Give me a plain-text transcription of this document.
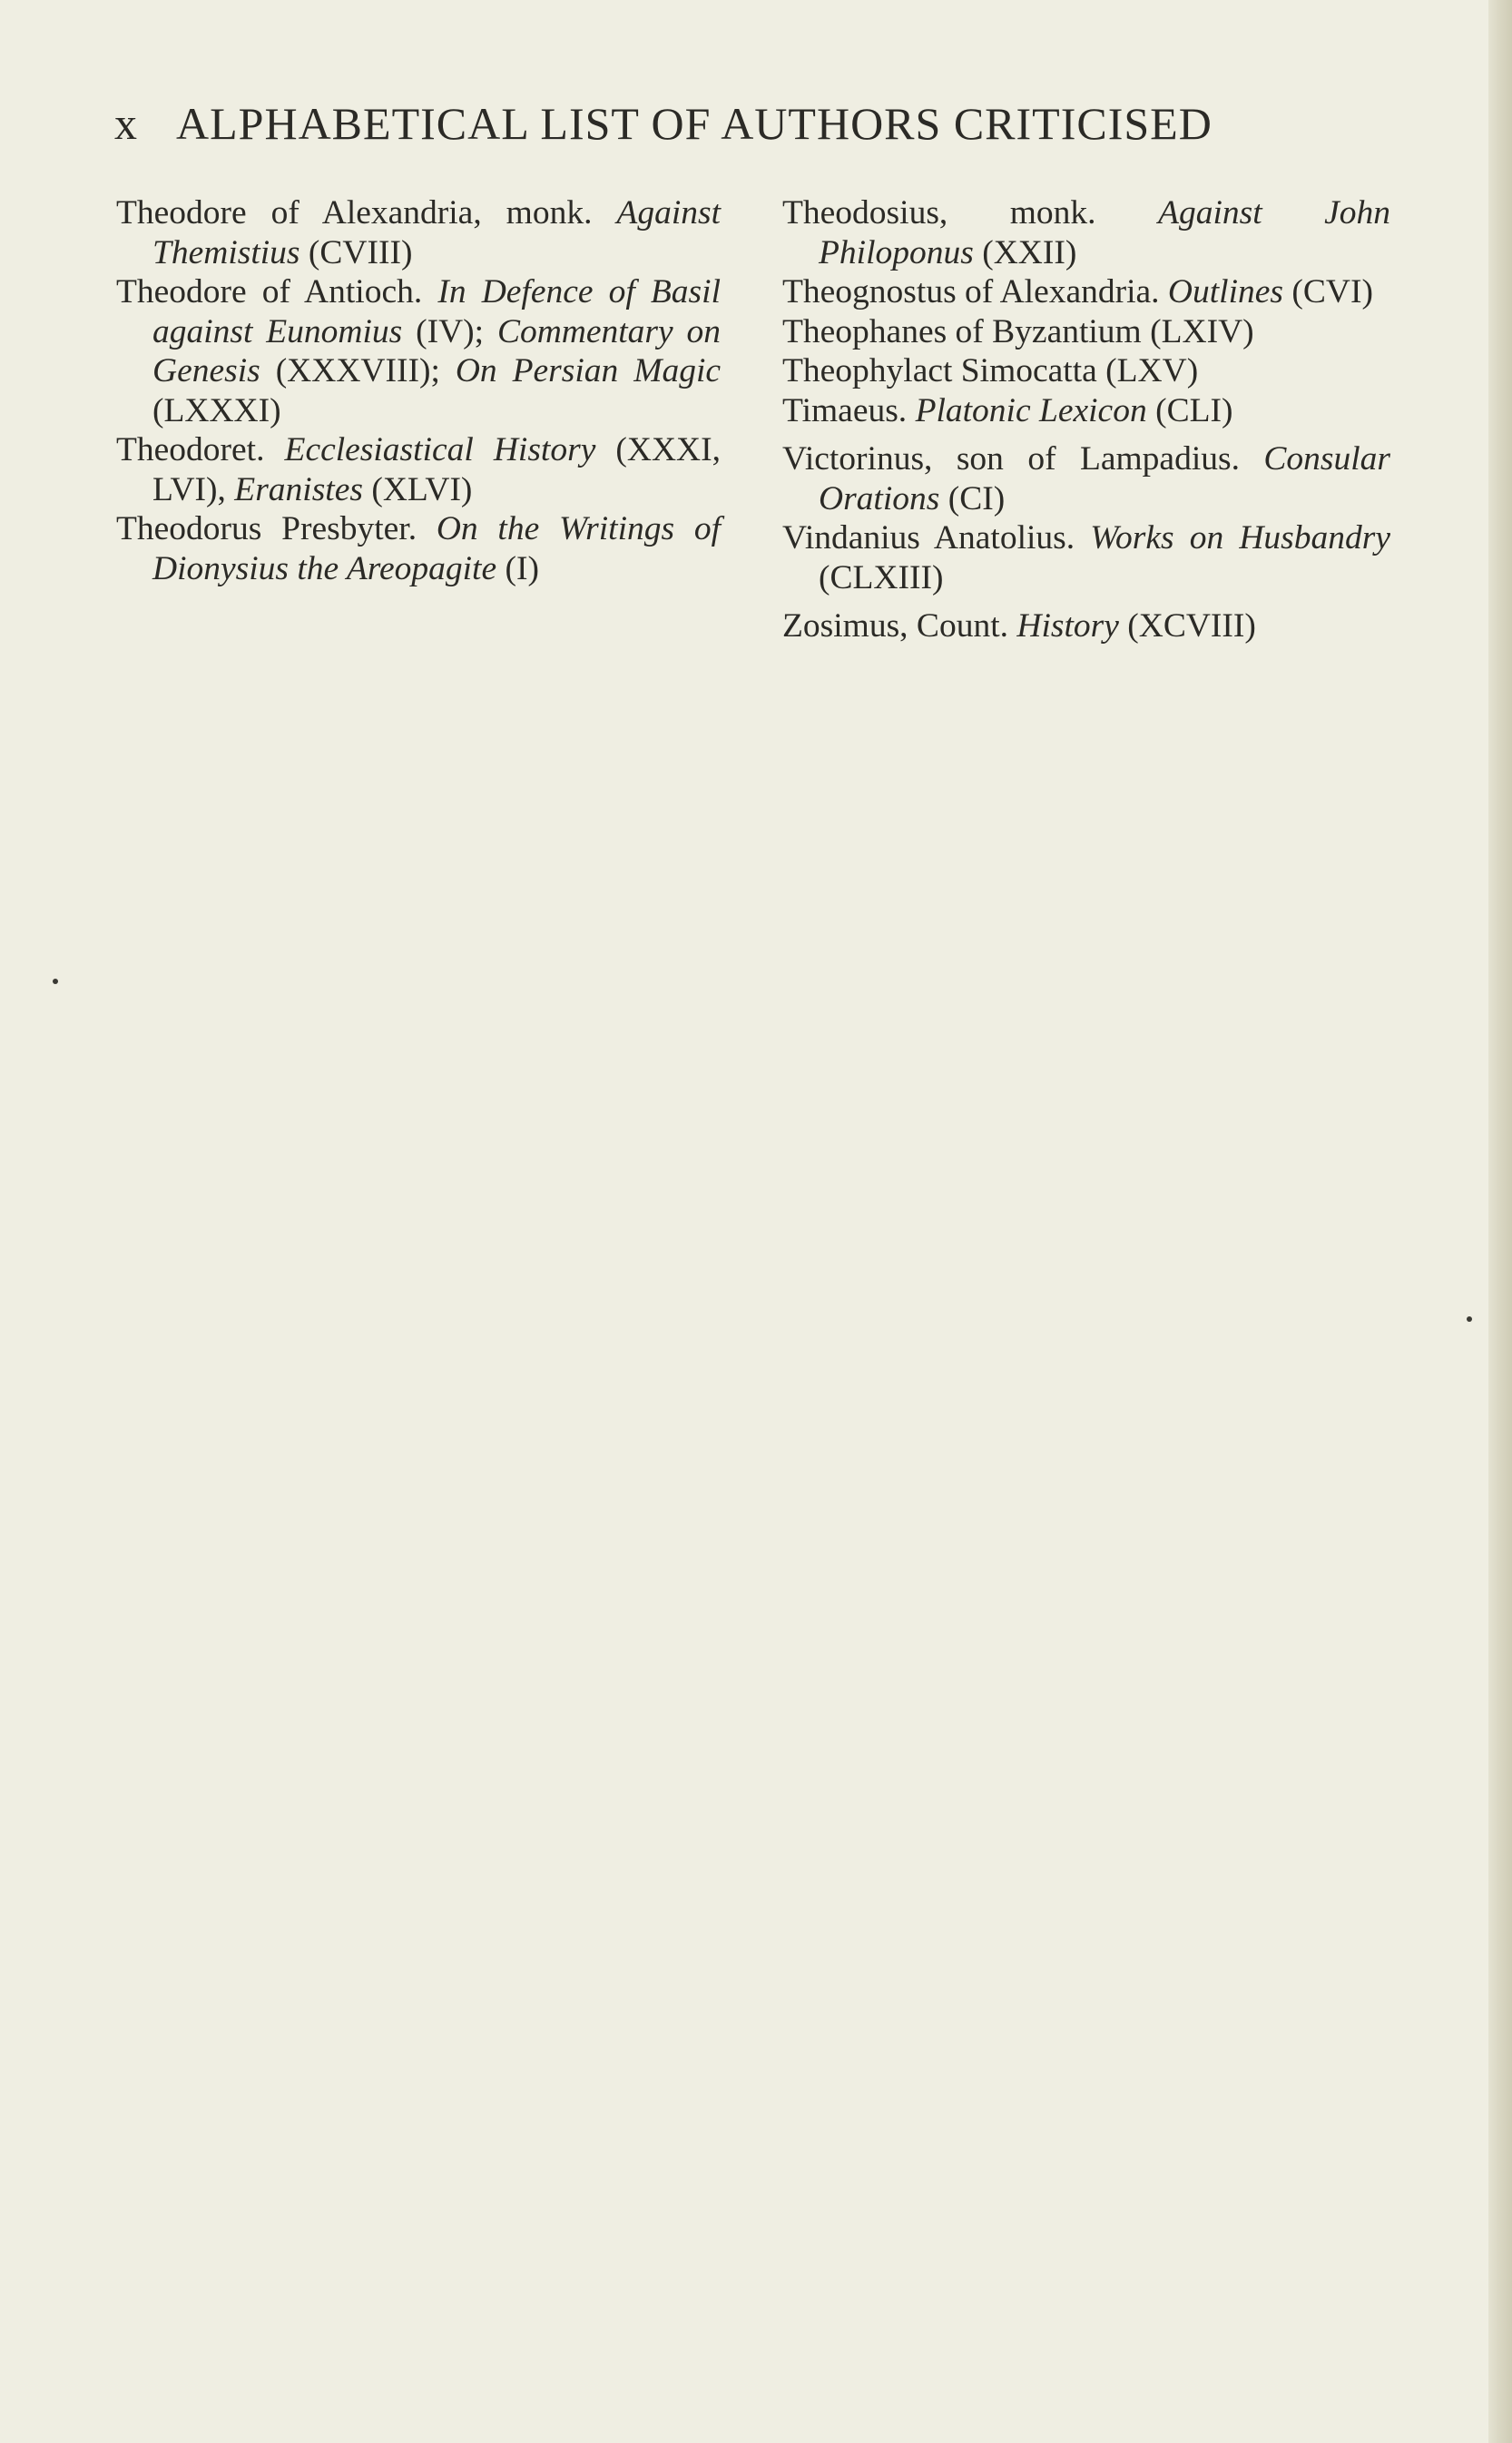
x ALPHABETICAL LIST OF AUTHORS CRITICISED
Theodore of Alexandria, monk. Against Themistius (CVIII)
Theodore of Antioch. In Defence of Basil against Eunomius (IV); Commentary on Genesis (XXXVIII); On Persian Magic (LXXXI)
Theodoret. Ecclesiastical History (XXXI, LVI), Eranistes (XLVI)
Theodorus Presbyter. On the Writings of Dionysius the Areopagite (I)
Theodosius, monk. Against John Philoponus (XXII)
Theognostus of Alexandria. Outlines (CVI)
Theophanes of Byzantium (LXIV)
Theophylact Simocatta (LXV)
Timaeus. Platonic Lexicon (CLI)
Victorinus, son of Lampadius. Consular Orations (CI)
Vindanius Anatolius. Works on Husbandry (CLXIII)
Zosimus, Count. History (XCVIII)
